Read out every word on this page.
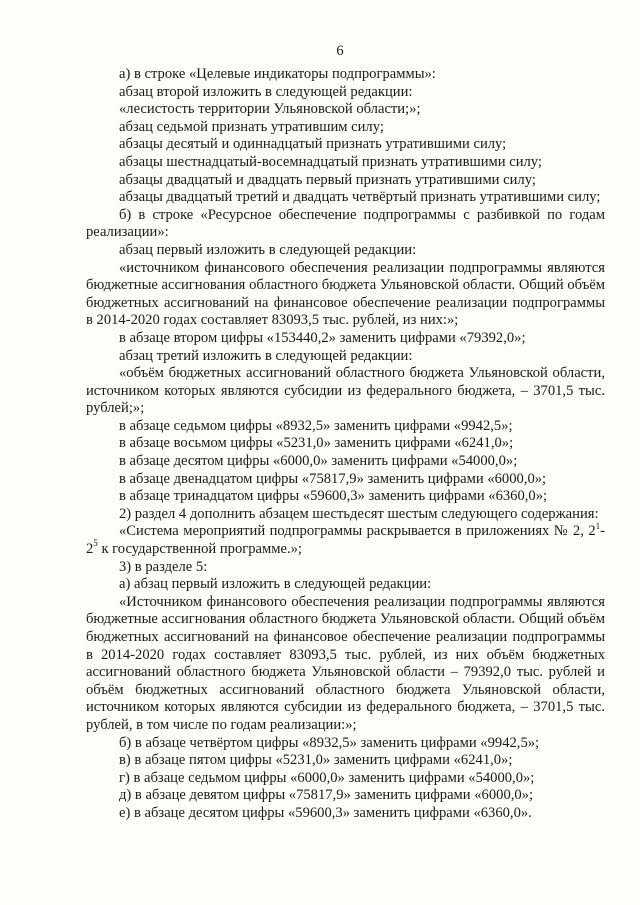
6

а) в строке «Целевые индикаторы подпрограммы»:

абзац второй изложить в следующей редакции:

«лесистость территории Ульяновской области;»;

абзац седьмой признать утратившим силу;

абзацы десятый и одиннадцатый признать утратившими силу;

абзацы шестнадцатый-восемнадцатый признать утратившими силу;

абзацы двадцатый и двадцать первый признать утратившими силу;

абзацы двадцатый третий и двадцать четвёртый признать утратившими силу;

б) в строке «Ресурсное обеспечение подпрограммы с разбивкой по годам реализации»:

абзац первый изложить в следующей редакции:

«источником финансового обеспечения реализации подпрограммы являются бюджетные ассигнования областного бюджета Ульяновской области. Общий объём бюджетных ассигнований на финансовое обеспечение реализации подпрограммы в 2014-2020 годах составляет 83093,5 тыс. рублей, из них:»;

в абзаце втором цифры «153440,2» заменить цифрами «79392,0»;

абзац третий изложить в следующей редакции:

«объём бюджетных ассигнований областного бюджета Ульяновской области, источником которых являются субсидии из федерального бюджета, – 3701,5 тыс. рублей;»;

в абзаце седьмом цифры «8932,5» заменить цифрами «9942,5»;

в абзаце восьмом цифры «5231,0» заменить цифрами «6241,0»;

в абзаце десятом цифры «6000,0» заменить цифрами «54000,0»;

в абзаце двенадцатом цифры «75817,9» заменить цифрами «6000,0»;

в абзаце тринадцатом цифры «59600,3» заменить цифрами «6360,0»;

2) раздел 4 дополнить абзацем шестьдесят шестым следующего содержания:

«Система мероприятий подпрограммы раскрывается в приложениях № 2, $2^1-2^5$ к государственной программе.»;

3) в разделе 5:

а) абзац первый изложить в следующей редакции:

«Источником финансового обеспечения реализации подпрограммы являются бюджетные ассигнования областного бюджета Ульяновской области. Общий объём бюджетных ассигнований на финансовое обеспечение реализации подпрограммы в 2014-2020 годах составляет 83093,5 тыс. рублей, из них объём бюджетных ассигнований областного бюджета Ульяновской области – 79392,0 тыс. рублей и объём бюджетных ассигнований областного бюджета Ульяновской области, источником которых являются субсидии из федерального бюджета, – 3701,5 тыс. рублей, в том числе по годам реализации:»;

б) в абзаце четвёртом цифры «8932,5» заменить цифрами «9942,5»;

в) в абзаце пятом цифры «5231,0» заменить цифрами «6241,0»;

г) в абзаце седьмом цифры «6000,0» заменить цифрами «54000,0»;

д) в абзаце девятом цифры «75817,9» заменить цифрами «6000,0»;

е) в абзаце десятом цифры «59600,3» заменить цифрами «6360,0».
